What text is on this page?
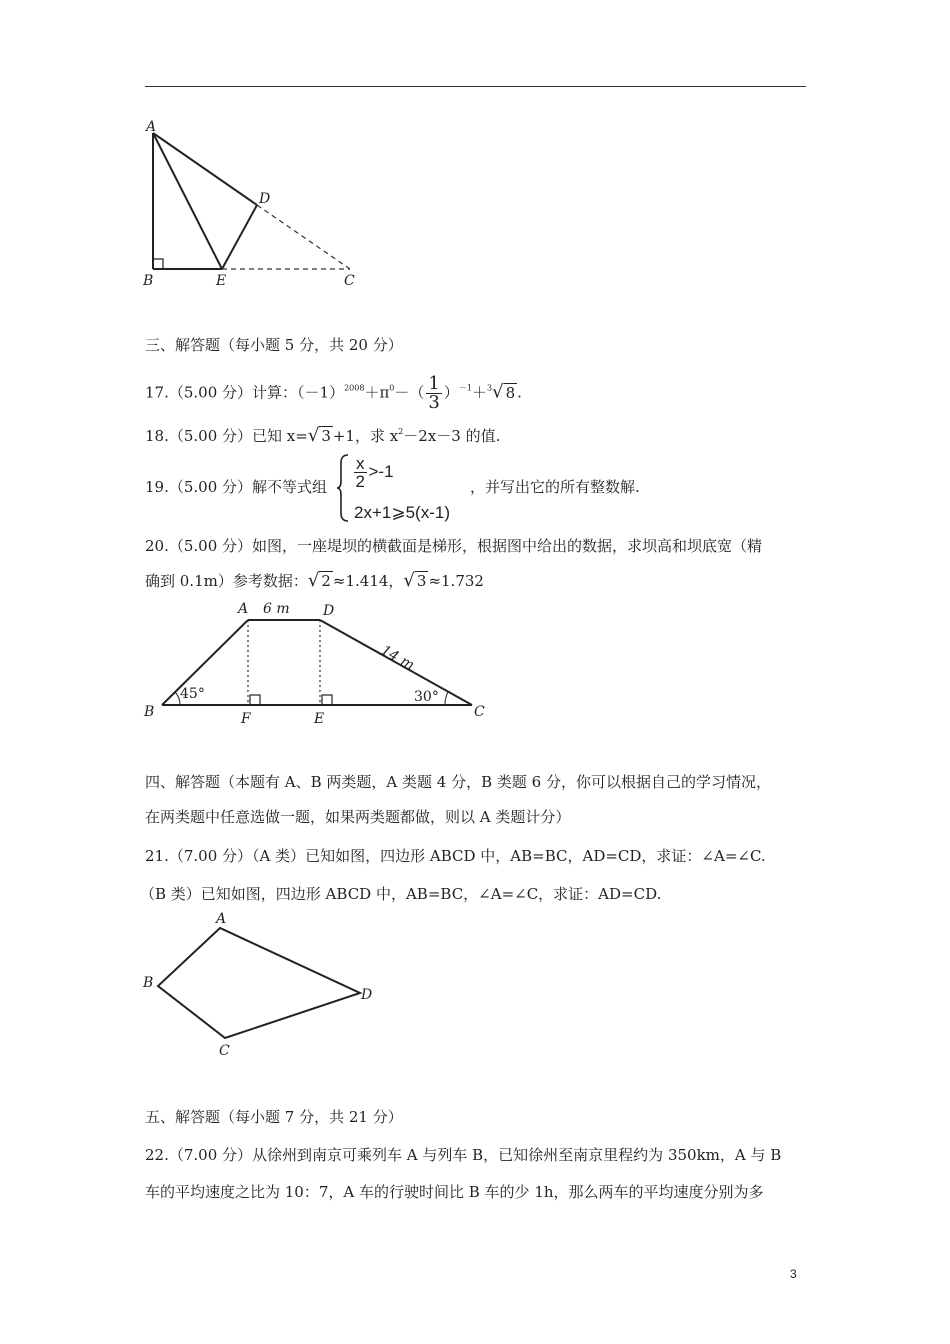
A
D
B	E	C
三、解答题（每小题 5 分，共 20 分）
17.（5.00 分）计算：$(-1)^{2008}+\pi^0-( \frac{1}{3} )^{-1}+^3√$ 8 .
18.（5.00 分）已知 x=√ 3 +1，求 $x^2-2x-3$ 的值.
19.（5.00 分）解不等式组 $\frac{x}{2} >-1$
2x+1⩾5(x-1)
，并写出它的所有整数解.
20.（5.00 分）如图，一座堤坝的横截面是梯形，根据图中给出的数据，求坝高和坝底宽（精
确到 0.1m）参考数据：√ 2 ≈1.414，√ 3 ≈1.732
A	D
B	C
F	E
6 m
14 m
45°	30°
四、解答题（本题有 A、B 两类题，A 类题 4 分，B 类题 6 分，你可以根据自己的学习情况，
在两类题中任意选做一题，如果两类题都做，则以 A 类题计分）
21.（7.00 分）（A 类）已知如图，四边形 ABCD 中，AB=BC，AD=CD，求证：∠A=∠C.
（B 类）已知如图，四边形 ABCD 中，AB=BC，∠A=∠C，求证：AD=CD.
A
B
C
D
五、解答题（每小题 7 分，共 21 分）
22.（7.00 分）从徐州到南京可乘列车 A 与列车 B，已知徐州至南京里程约为 350km，A 与 B
车的平均速度之比为 10：7，A 车的行驶时间比 B 车的少 1h，那么两车的平均速度分别为多
3
